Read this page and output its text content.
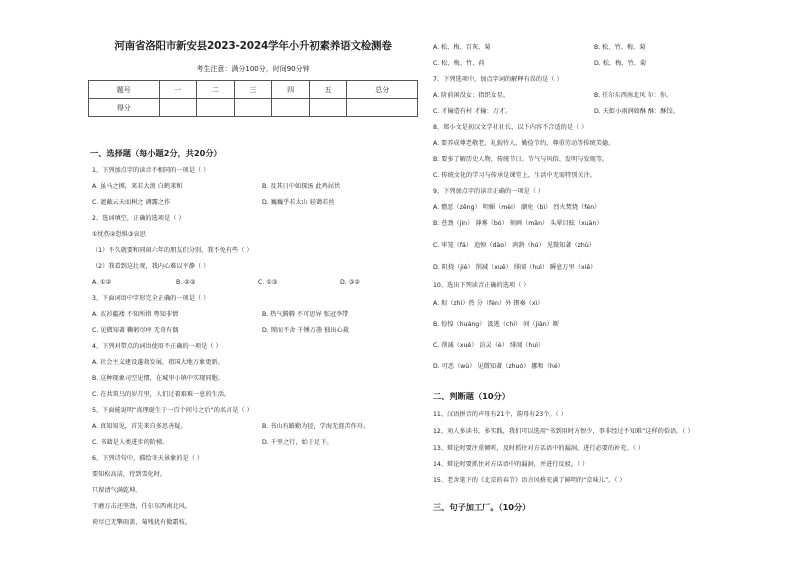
河南省洛阳市新安县2023-2024学年小升初素养语文检测卷
考生注意：满分100分，时间90分钟
题号	一	二	三	四	五	总分
得分						
一、选择题（每小题2分，共20分）
1、下列加点字的读音不相同的一项是（ ）
A. 虽马之掷，来若大浪 白鹤来和	B. 及其日中如探汤 此鸡屈伏
C. 遮蔽云天而树之 调露之作	D. 巍巍乎若太山 轻蔼若丝
2、选词填空，正确的选项是（ ）
①忧伤②恐惧③哀思
（1）不久就要和同窗六年的朋友们分别，我不免有些（ ）
（2）我看到这壮观，我内心难以平静（ ）
A. ①②	B. ②③	C. ①③	D. ③②
3、下面词语中字形完全正确的一项是（ ）
A. 衣衫褴褛 不知所措 粤知非情	B. 热气腾腾 不可思异 张冠李带
C. 见微知著 鞠躬尽瘁 无奇有偶	D. 锲而不舍 千锤万凿 独出心裁
4、下列对带点的词语使用不正确的一项是（ ）
A. 社会主义建设蓬勃发展，祖国大地万象更新。
B. 这种现象司空见惯，在城里小镇中实现同胞。
C. 在共筑乌的岁月里，人们过着艰难一息的生活。
5、下面能说明“真理诞生于一百个问号之后”的名言是（ ）
A. 真知知见，首先来自多思善疑。	B. 书山有路勤为径，学海无涯苦作舟。
C. 书籍是人类进步的阶梯。	D. 千里之行，始于足下。
6、下列诗句中，描绘冬天景象的是（ ）
要知松高洁，待到雪化时。
只留清气满乾坤。
干磨万击还坚劲，任尔东西南北风。
荷尽已无擎雨盖，菊残犹有傲霜枝。
A. 松、梅、百灰、菊	B. 松、竹、梅、菊
C. 松、梅、竹、荷	D. 松、梅、竹、菊
7、下列选项中，加点字词的解释有误的是（ ）
A. 阶前闲没女：指织女星。	B. 任尔东西南北风 尔：你。
C. 才输造有村 才输：万才。	D. 天街小雨润如酥 酥：酥饺。
8、郑小文是初汉文学社社长，以下内容不合适的是（ ）
A. 要养成尊老敬老、礼貌待人、勤俭节约、尊重劳动等传统美德。
B. 要多了解历史人物、传统节日、节气与风俗、发明与发现等。
C. 传统文化的学习与传承是课堂上，生活中无需特别关注。
9、下列加点字的读音正确的一项是（ ）
A. 憎恶（zēng） 明媚（mèi） 潮免（bì） 烈火焚烧（fén）
B. 苍劲（jìn） 薄雾（bó） 刻画（mǎn） 头晕目眩（xuàn）
C. 牢笼（fá） 追悼（dào） 鸿鹄（hú） 见微知著（zhù）
D. 阻挠（jiè） 削减（xuē） 绯闻（huì） 瞬息万里（xiē）
10、选出下列读音正确的选项（ ）
A. 垠（zhì）热 分（fèn）外 锲奏（xì）
B. 惊惶（huáng） 汲逃（chí） 间（jiàn）断
C. 削减（xuē） 泊灵（è） 绯闻（huì）
D. 可恶（wù） 见微知著（zhuó） 挪和（hé）
二、判断题（10分）
11、汉语拼音的声母有21个，韵母有23个。（ ）
12、劝人多读书，多实践，我们可以选用“书到用时方恨少，事非经过不知难”这样的俗语。（ ）
13、辩论时要注重倾听，及时抓住对方话语中的漏洞，进行必要的补充。（ ）
14、辩论时要抓住对方话语中的漏洞，并进行反驳。（ ）
15、老舍笔下的《北京的春节》语言风格充满了鲜明的“京味儿”。（ ）
三、句子加工厂。（10分）
